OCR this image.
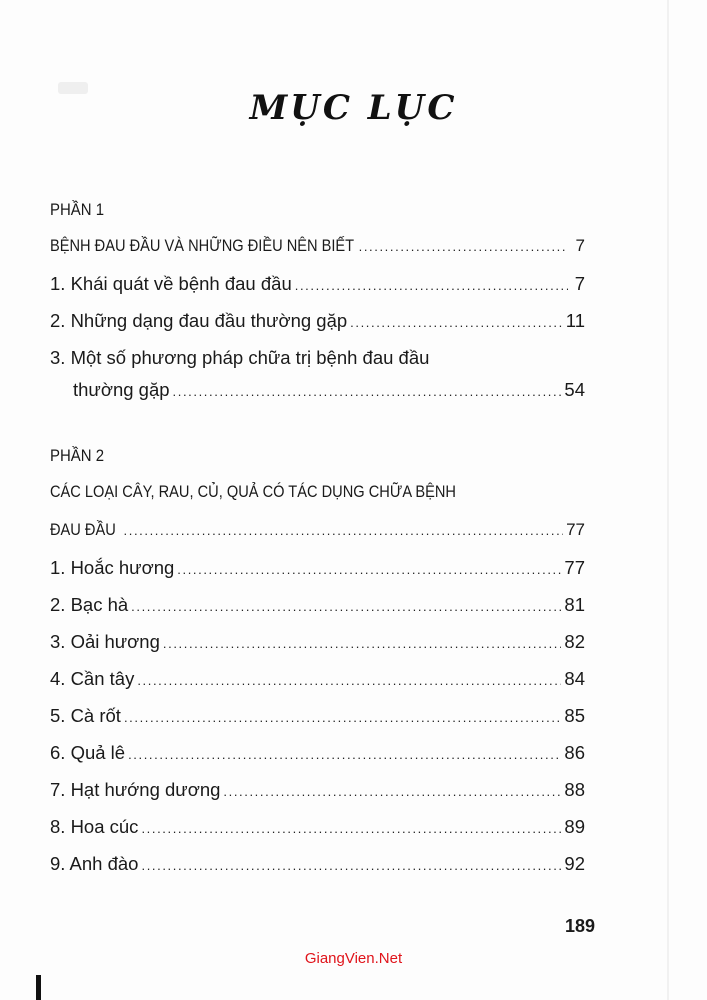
MỤC LỤC
PHẦN 1
BỆNH ĐAU ĐẦU VÀ NHỮNG ĐIỀU NÊN BIẾT .....	7
1. Khái quát về bệnh đau đầu .....	7
2. Những dạng đau đầu thường gặp .....	11
3. Một số phương pháp chữa trị bệnh đau đầu
thường gặp .....	54
PHẦN 2
CÁC LOẠI CÂY, RAU, CỦ, QUẢ CÓ TÁC DỤNG CHỮA BỆNH
ĐAU ĐẦU .....	77
1. Hoắc hương .....	77
2. Bạc hà .....	81
3. Oải hương .....	82
4. Cần tây .....	84
5. Cà rốt .....	85
6. Quả lê .....	86
7. Hạt hướng dương .....	88
8. Hoa cúc .....	89
9. Anh đào .....	92
189
GiangVien.Net
